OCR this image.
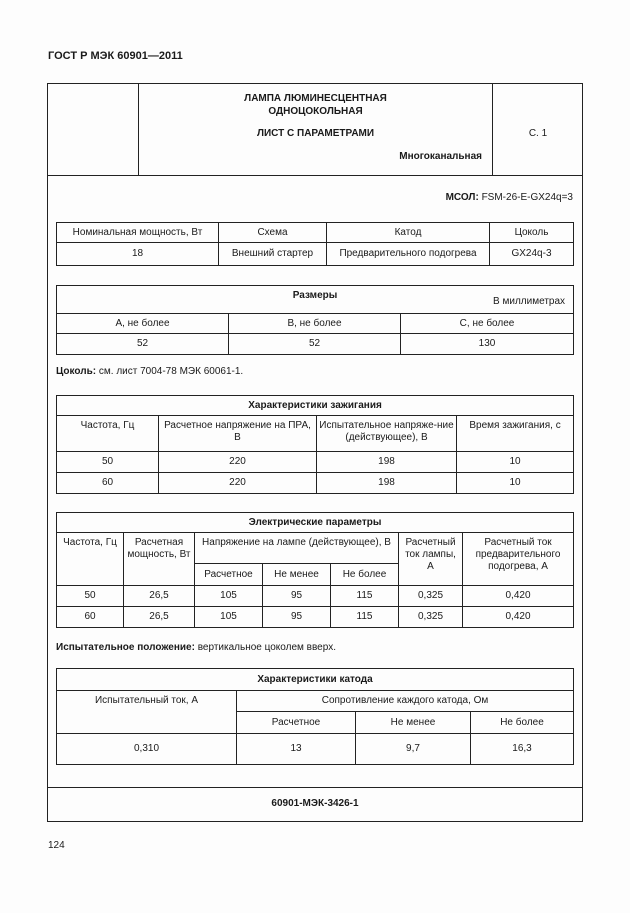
ГОСТ Р МЭК 60901—2011
ЛАМПА ЛЮМИНЕСЦЕНТНАЯ
ОДНОЦОКОЛЬНАЯ
ЛИСТ С ПАРАМЕТРАМИ
Многоканальная
С. 1
МСОЛ: FSM-26-E-GX24q=3
Номинальная мощность, Вт	Схема	Катод	Цоколь
18	Внешний стартер	Предварительного подогрева	GX24q-3
Размеры
В миллиметрах		

A, не более	B, не более	C, не более
52	52	130
Цоколь: см. лист 7004-78 МЭК 60061-1.
Характеристики зажигания			
Частота, Гц	Расчетное напряжение на ПРА, В	Испытательное напряже-ние (действующее), В	Время зажигания, с
50	220	198	10
60	220	198	10
Электрические параметры						
Частота, Гц	Расчетная мощность, Вт	Напряжение на лампе (действующее), В			Расчетный ток лампы, А	Расчетный ток предварительного подогрева, А
		Расчетное	Не менее	Не более		
50	26,5	105	95	115	0,325	0,420
60	26,5	105	95	115	0,325	0,420
Испытательное положение: вертикальное цоколем вверх.
Характеристики катода			
Испытательный ток, А	Сопротивление каждого катода, Ом		
	Расчетное	Не менее	Не более
0,310	13	9,7	16,3
60901-МЭК-3426-1
124
